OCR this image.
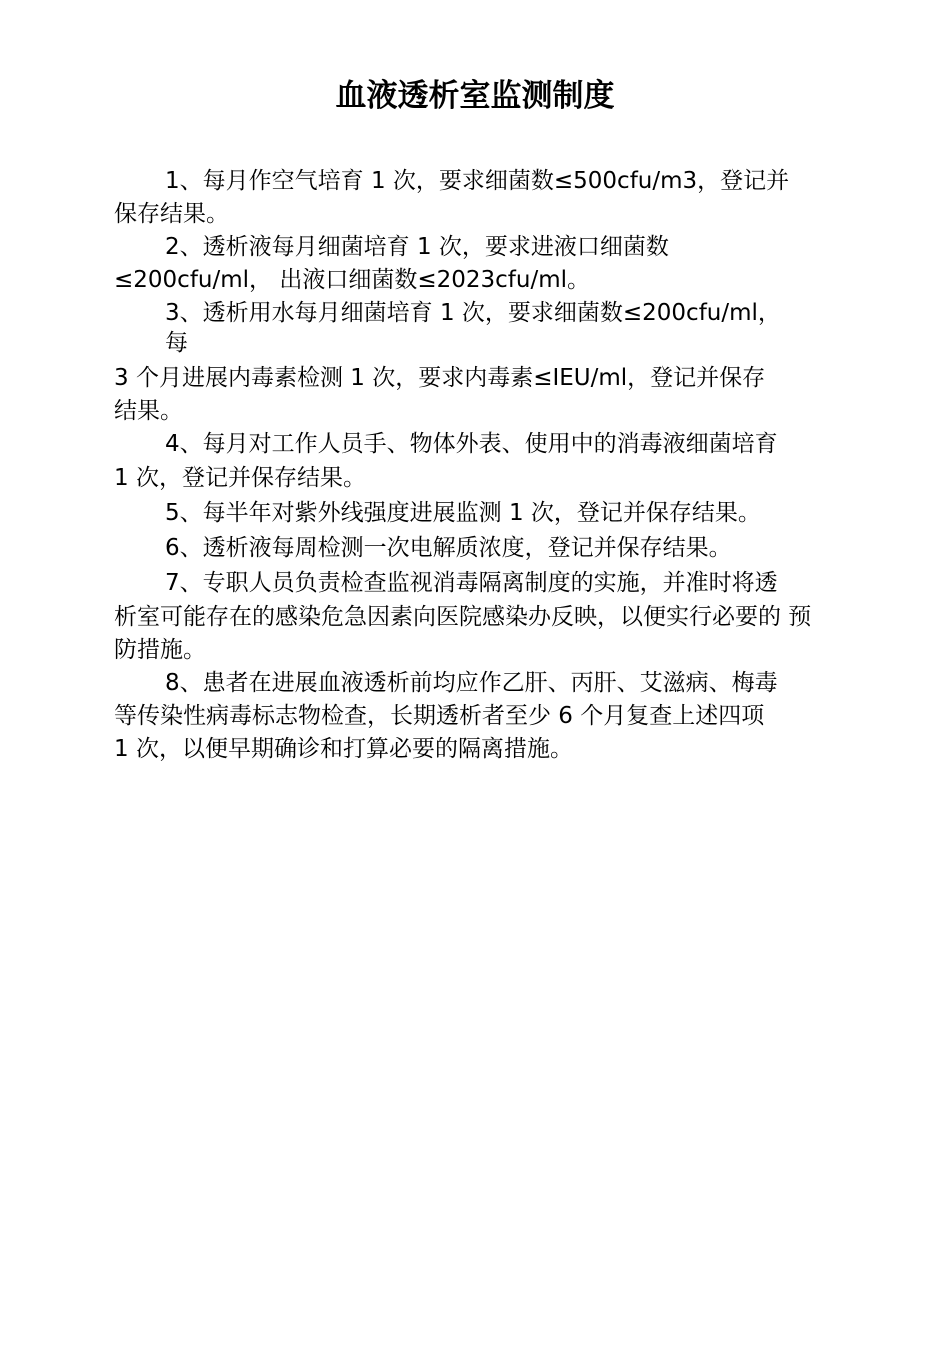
血液透析室监测制度
1、每月作空气培育 1 次，要求细菌数≤500cfu/m3，登记并
保存结果。
2、透析液每月细菌培育 1 次，要求进液口细菌数
≤200cfu/ml， 出液口细菌数≤2023cfu/ml。
3、透析用水每月细菌培育 1 次，要求细菌数≤200cfu/ml，
每
3 个月进展内毒素检测 1 次，要求内毒素≤IEU/ml，登记并保存
结果。
4、每月对工作人员手、物体外表、使用中的消毒液细菌培育
1 次，登记并保存结果。
5、每半年对紫外线强度进展监测 1 次，登记并保存结果。
6、透析液每周检测一次电解质浓度，登记并保存结果。
7、专职人员负责检查监视消毒隔离制度的实施，并准时将透
析室可能存在的感染危急因素向医院感染办反映，以便实行必要的 预
防措施。
8、患者在进展血液透析前均应作乙肝、丙肝、艾滋病、梅毒
等传染性病毒标志物检查，长期透析者至少 6 个月复查上述四项
1 次，以便早期确诊和打算必要的隔离措施。
